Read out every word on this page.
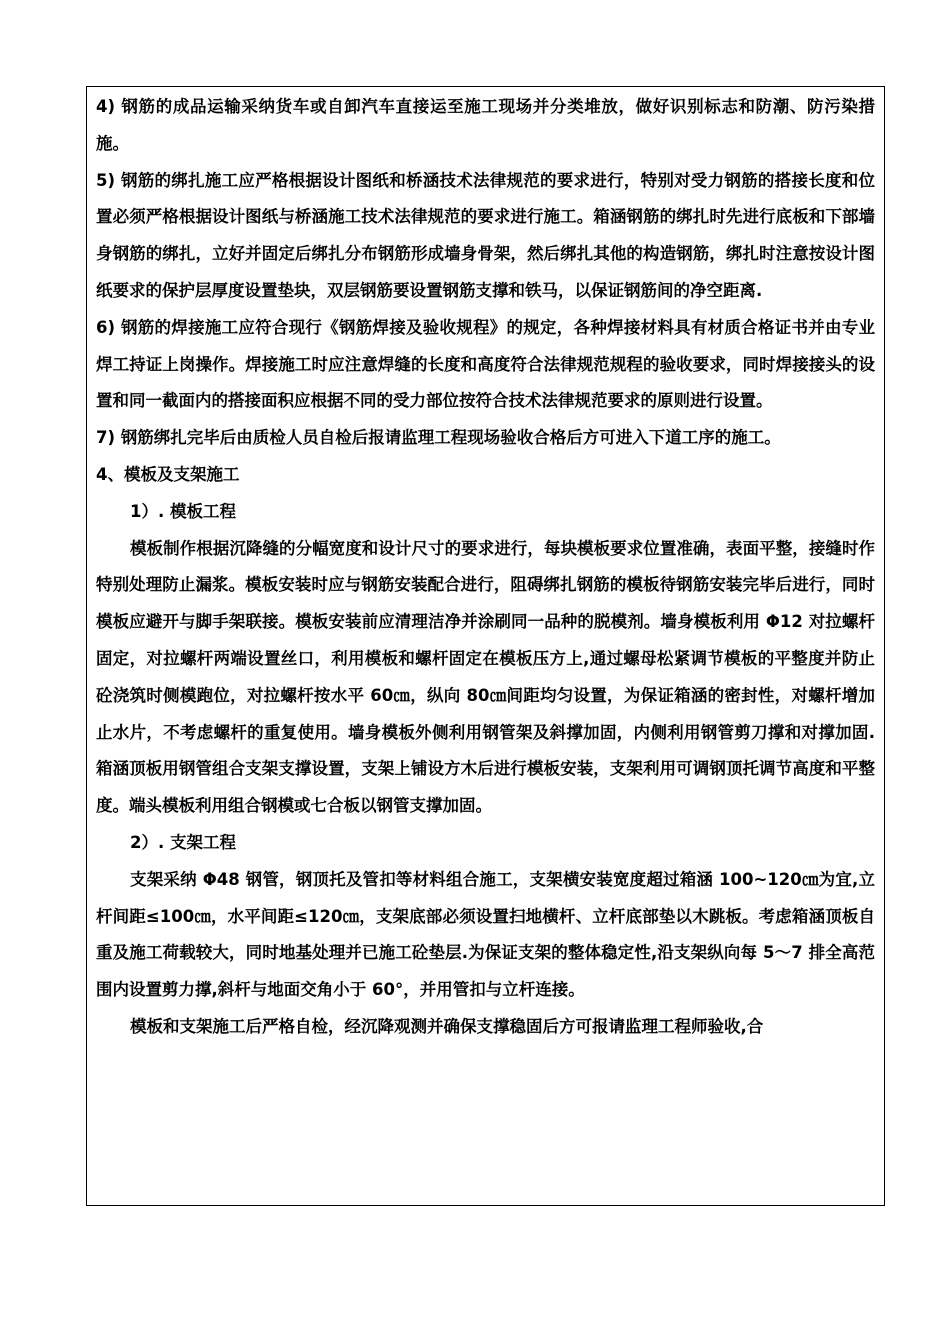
4) 钢筋的成品运输采纳货车或自卸汽车直接运至施工现场并分类堆放，做好识别标志和防潮、防污染措施。

5) 钢筋的绑扎施工应严格根据设计图纸和桥涵技术法律规范的要求进行，特别对受力钢筋的搭接长度和位置必须严格根据设计图纸与桥涵施工技术法律规范的要求进行施工。箱涵钢筋的绑扎时先进行底板和下部墙身钢筋的绑扎，立好并固定后绑扎分布钢筋形成墙身骨架，然后绑扎其他的构造钢筋，绑扎时注意按设计图纸要求的保护层厚度设置垫块，双层钢筋要设置钢筋支撑和铁马，以保证钢筋间的净空距离.

6) 钢筋的焊接施工应符合现行《钢筋焊接及验收规程》的规定，各种焊接材料具有材质合格证书并由专业焊工持证上岗操作。焊接施工时应注意焊缝的长度和高度符合法律规范规程的验收要求，同时焊接接头的设置和同一截面内的搭接面积应根据不同的受力部位按符合技术法律规范要求的原则进行设置。

7) 钢筋绑扎完毕后由质检人员自检后报请监理工程现场验收合格后方可进入下道工序的施工。

4、模板及支架施工

1）. 模板工程

模板制作根据沉降缝的分幅宽度和设计尺寸的要求进行，每块模板要求位置准确，表面平整，接缝时作特别处理防止漏浆。模板安装时应与钢筋安装配合进行，阻碍绑扎钢筋的模板待钢筋安装完毕后进行，同时模板应避开与脚手架联接。模板安装前应清理洁净并涂刷同一品种的脱模剂。墙身模板利用 Φ12 对拉螺杆固定，对拉螺杆两端设置丝口，利用模板和螺杆固定在模板压方上,通过螺母松紧调节模板的平整度并防止砼浇筑时侧模跑位，对拉螺杆按水平 60㎝，纵向 80㎝间距均匀设置，为保证箱涵的密封性，对螺杆增加止水片，不考虑螺杆的重复使用。墙身模板外侧利用钢管架及斜撑加固，内侧利用钢管剪刀撑和对撑加固.箱涵顶板用钢管组合支架支撑设置，支架上铺设方木后进行模板安装，支架利用可调钢顶托调节高度和平整度。端头模板利用组合钢模或七合板以钢管支撑加固。

2）. 支架工程

支架采纳 Φ48 钢管，钢顶托及管扣等材料组合施工，支架横安装宽度超过箱涵 100~120㎝为宜,立杆间距≤100㎝，水平间距≤120㎝，支架底部必须设置扫地横杆、立杆底部垫以木跳板。考虑箱涵顶板自重及施工荷载较大，同时地基处理并已施工砼垫层.为保证支架的整体稳定性,沿支架纵向每 5～7 排全高范围内设置剪力撑,斜杆与地面交角小于 60°，并用管扣与立杆连接。

模板和支架施工后严格自检，经沉降观测并确保支撑稳固后方可报请监理工程师验收,合
